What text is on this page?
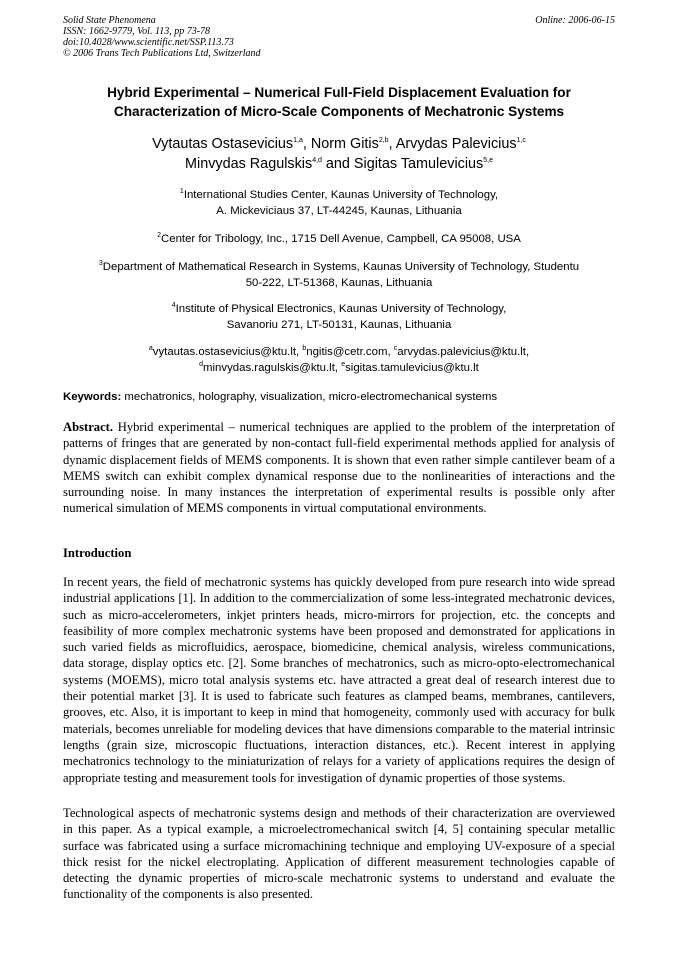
Solid State Phenomena
ISSN: 1662-9779, Vol. 113, pp 73-78
doi:10.4028/www.scientific.net/SSP.113.73
© 2006 Trans Tech Publications Ltd, Switzerland
Online: 2006-06-15
Hybrid Experimental – Numerical Full-Field Displacement Evaluation for
Characterization of Micro-Scale Components of Mechatronic Systems
Vytautas Ostasevicius$^{1,a}$, Norm Gitis$^{2,b}$, Arvydas Palevicius$^{1,c}$
Minvydas Ragulskis$^{4,d}$ and Sigitas Tamulevicius$^{5,e}$
$^1$International Studies Center, Kaunas University of Technology,
A. Mickeviciaus 37, LT-44245, Kaunas, Lithuania
$^2$Center for Tribology, Inc., 1715 Dell Avenue, Campbell, CA 95008, USA
$^3$Department of Mathematical Research in Systems, Kaunas University of Technology, Studentu
50-222, LT-51368, Kaunas, Lithuania
$^4$Institute of Physical Electronics, Kaunas University of Technology,
Savanoriu 271, LT-50131, Kaunas, Lithuania
$^a$vytautas.ostasevicius@ktu.lt, $^b$ngitis@cetr.com, $^c$arvydas.palevicius@ktu.lt,
$^d$minvydas.ragulskis@ktu.lt, $^e$sigitas.tamulevicius@ktu.lt
Keywords: mechatronics, holography, visualization, micro-electromechanical systems
Abstract. Hybrid experimental – numerical techniques are applied to the problem of the interpretation of patterns of fringes that are generated by non-contact full-field experimental methods applied for analysis of dynamic displacement fields of MEMS components. It is shown that even rather simple cantilever beam of a MEMS switch can exhibit complex dynamical response due to the nonlinearities of interactions and the surrounding noise. In many instances the interpretation of experimental results is possible only after numerical simulation of MEMS components in virtual computational environments.
Introduction

In recent years, the field of mechatronic systems has quickly developed from pure research into wide spread industrial applications [1]. In addition to the commercialization of some less-integrated mechatronic devices, such as micro-accelerometers, inkjet printers heads, micro-mirrors for projection, etc. the concepts and feasibility of more complex mechatronic systems have been proposed and demonstrated for applications in such varied fields as microfluidics, aerospace, biomedicine, chemical analysis, wireless communications, data storage, display optics etc. [2]. Some branches of mechatronics, such as micro-opto-electromechanical systems (MOEMS), micro total analysis systems etc. have attracted a great deal of research interest due to their potential market [3]. It is used to fabricate such features as clamped beams, membranes, cantilevers, grooves, etc. Also, it is important to keep in mind that homogeneity, commonly used with accuracy for bulk materials, becomes unreliable for modeling devices that have dimensions comparable to the material intrinsic lengths (grain size, microscopic fluctuations, interaction distances, etc.). Recent interest in applying mechatronics technology to the miniaturization of relays for a variety of applications requires the design of appropriate testing and measurement tools for investigation of dynamic properties of those systems.

Technological aspects of mechatronic systems design and methods of their characterization are overviewed in this paper. As a typical example, a microelectromechanical switch [4, 5] containing specular metallic surface was fabricated using a surface micromachining technique and employing UV-exposure of a special thick resist for the nickel electroplating. Application of different measurement technologies capable of detecting the dynamic properties of micro-scale mechatronic systems to understand and evaluate the functionality of the components is also presented.
